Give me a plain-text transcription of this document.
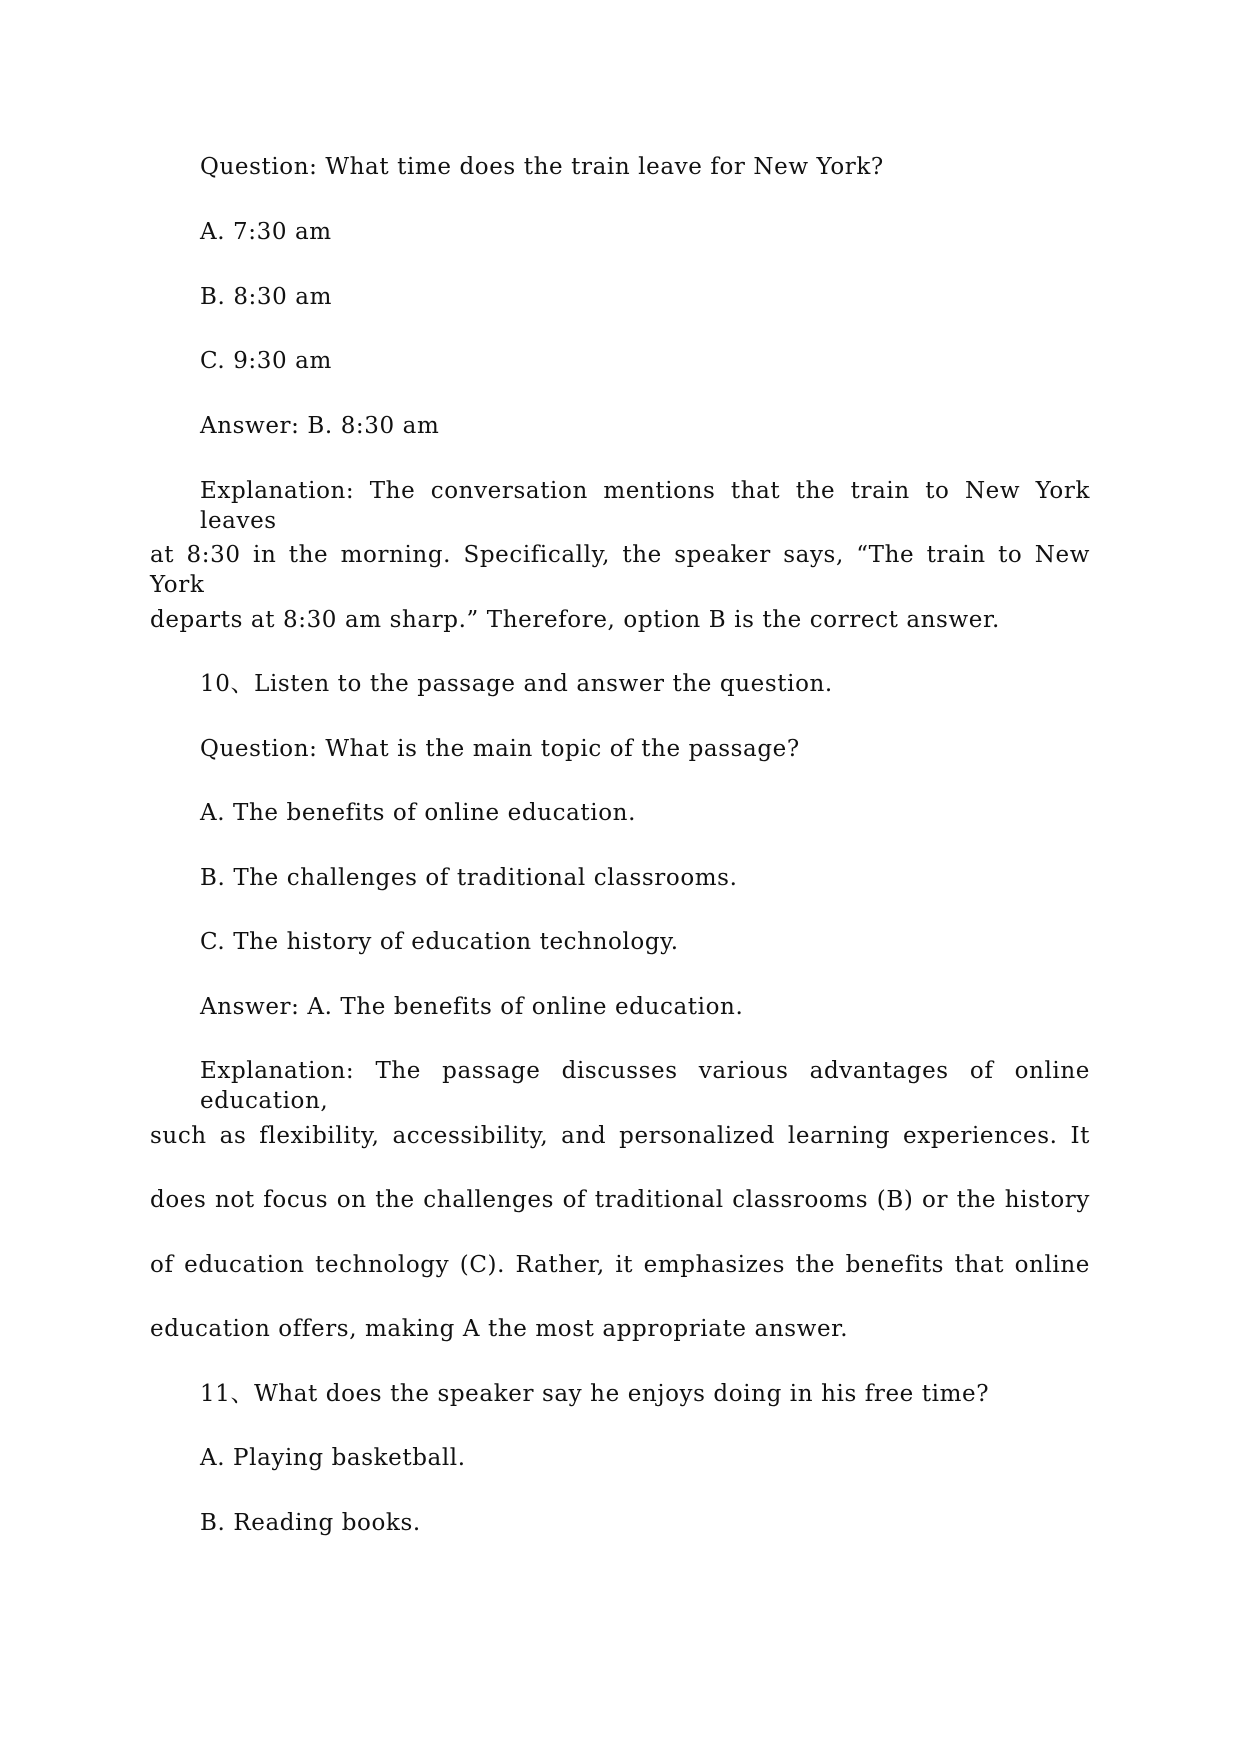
Question: What time does the train leave for New York?
A. 7:30 am
B. 8:30 am
C. 9:30 am
Answer: B. 8:30 am
Explanation: The conversation mentions that the train to New York leaves
at 8:30 in the morning. Specifically, the speaker says, “The train to New York
departs at 8:30 am sharp.” Therefore, option B is the correct answer.
10、Listen to the passage and answer the question.
Question: What is the main topic of the passage?
A. The benefits of online education.
B. The challenges of traditional classrooms.
C. The history of education technology.
Answer: A. The benefits of online education.
Explanation: The passage discusses various advantages of online education,
such as flexibility, accessibility, and personalized learning experiences. It
does not focus on the challenges of traditional classrooms (B) or the history
of education technology (C). Rather, it emphasizes the benefits that online
education offers, making A the most appropriate answer.
11、What does the speaker say he enjoys doing in his free time?
A. Playing basketball.
B. Reading books.
